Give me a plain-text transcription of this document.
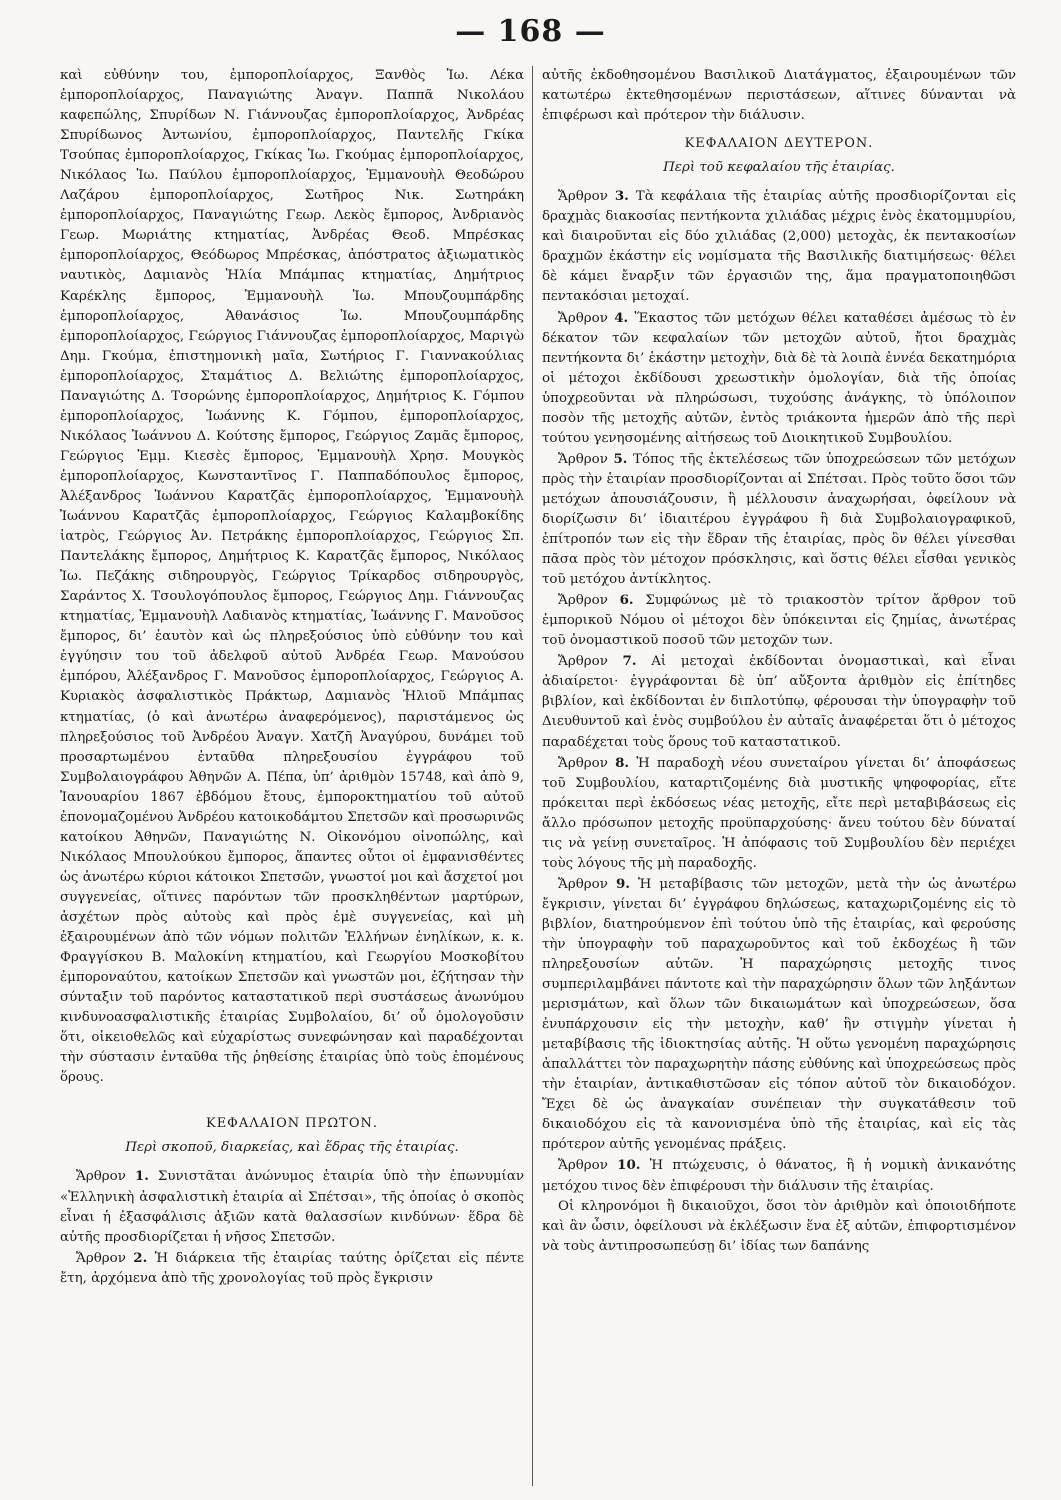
— 168 —

καὶ εὐθύνην του, ἐμποροπλοίαρχος, Ξανθὸς Ἰω. Λέκα ἐμποροπλοίαρχος, Παναγιώτης Ἀναγν. Παππᾶ Νικολάου καφεπώλης, Σπυρίδων Ν. Γιάννουζας ἐμποροπλοίαρχος, Ἀνδρέας Σπυρίδωνος Ἀντωνίου, ἐμποροπλοίαρχος, Παντελῆς Γκίκα Τσούπας ἐμποροπλοίαρχος, Γκίκας Ἰω. Γκούμας ἐμποροπλοίαρχος, Νικόλαος Ἰω. Παύλου ἐμποροπλοίαρχος, Ἐμμανουὴλ Θεοδώρου Λαζάρου ἐμποροπλοίαρχος, Σωτῆρος Νικ. Σωτηράκη ἐμποροπλοίαρχος, Παναγιώτης Γεωρ. Λεκὸς ἔμπορος, Ἀνδριανὸς Γεωρ. Μωριάτης κτηματίας, Ἀνδρέας Θεοδ. Μπρέσκας ἐμποροπλοίαρχος, Θεόδωρος Μπρέσκας, ἀπόστρατος ἀξιωματικὸς ναυτικὸς, Δαμιανὸς Ἠλία Μπάμπας κτηματίας, Δημήτριος Καρέκλης ἔμπορος, Ἐμμανουὴλ Ἰω. Μπουζουμπάρδης ἐμποροπλοίαρχος, Ἀθανάσιος Ἰω. Μπουζουμπάρδης ἐμποροπλοίαρχος, Γεώργιος Γιάννουζας ἐμποροπλοίαρχος, Μαριγὼ Δημ. Γκούμα, ἐπιστημονικὴ μαῖα, Σωτήριος Γ. Γιαννακούλιας ἐμποροπλοίαρχος, Σταμάτιος Δ. Βελιώτης ἐμποροπλοίαρχος, Παναγιώτης Δ. Τσορώνης ἐμποροπλοίαρχος, Δημήτριος Κ. Γόμπου ἐμποροπλοίαρχος, Ἰωάννης Κ. Γόμπου, ἐμποροπλοίαρχος, Νικόλαος Ἰωάννου Δ. Κούτσης ἔμπορος, Γεώργιος Ζαμᾶς ἔμπορος, Γεώργιος Ἐμμ. Κιεσὲς ἔμπορος, Ἐμμανουὴλ Χρησ. Μουγκὸς ἐμποροπλοίαρχος, Κωνσταντῖνος Γ. Παππαδόπουλος ἔμπορος, Ἀλέξανδρος Ἰωάννου Καρατζᾶς ἐμποροπλοίαρχος, Ἐμμανουὴλ Ἰωάννου Καρατζᾶς ἐμποροπλοίαρχος, Γεώργιος Καλαμβοκίδης ἰατρὸς, Γεώργιος Ἀν. Πετράκης ἐμποροπλοίαρχος, Γεώργιος Σπ. Παντελάκης ἔμπορος, Δημήτριος Κ. Καρατζᾶς ἔμπορος, Νικόλαος Ἰω. Πεζάκης σιδηρουργὸς, Γεώργιος Τρίκαρδος σιδηρουργὸς, Σαράντος Χ. Τσουλογόπουλος ἔμπορος, Γεώργιος Δημ. Γιάννουζας κτηματίας, Ἐμμανουὴλ Λαδιανὸς κτηματίας, Ἰωάννης Γ. Μανοῦσος ἔμπορος, δι’ ἑαυτὸν καὶ ὡς πληρεξούσιος ὑπὸ εὐθύνην του καὶ ἐγγύησιν του τοῦ ἀδελφοῦ αὐτοῦ Ἀνδρέα Γεωρ. Μανούσου ἐμπόρου, Ἀλέξανδρος Γ. Μανοῦσος ἐμποροπλοίαρχος, Γεώργιος Α. Κυριακὸς ἀσφαλιστικὸς Πράκτωρ, Δαμιανὸς Ἠλιοῦ Μπάμπας κτηματίας, (ὁ καὶ ἀνωτέρω ἀναφερόμενος), παριστάμενος ὡς πληρεξούσιος τοῦ Ἀνδρέου Ἀναγν. Χατζῆ Ἀναγύρου, δυνάμει τοῦ προσαρτωμένου ἐνταῦθα πληρεξουσίου ἐγγράφου τοῦ Συμβολαιογράφου Ἀθηνῶν Α. Πέπα, ὑπ’ ἀριθμὸν 15748, καὶ ἀπὸ 9, Ἰανουαρίου 1867 ἐβδόμου ἔτους, ἐμποροκτηματίου τοῦ αὐτοῦ ἐπονομαζομένου Ἀνδρέου κατοικοδάμτου Σπετσῶν καὶ προσωρινῶς κατοίκου Ἀθηνῶν, Παναγιώτης Ν. Οἰκονόμου οἰνοπώλης, καὶ Νικόλαος Μπουλούκου ἔμπορος, ἅπαντες οὗτοι οἱ ἐμφανισθέντες ὡς ἀνωτέρω κύριοι κάτοικοι Σπετσῶν, γνωστοί μοι καὶ ἄσχετοί μοι συγγενείας, οἵτινες παρόντων τῶν προσκληθέντων μαρτύρων, ἀσχέτων πρὸς αὐτοὺς καὶ πρὸς ἐμὲ συγγενείας, καὶ μὴ ἐξαιρουμένων ἀπὸ τῶν νόμων πολιτῶν Ἑλλήνων ἐνηλίκων, κ. κ. Φραγγίσκου Β. Μαλοκίνη κτηματίου, καὶ Γεωργίου Μοσκοβίτου ἐμποροναύτου, κατοίκων Σπετσῶν καὶ γνωστῶν μοι, ἐζήτησαν τὴν σύνταξιν τοῦ παρόντος καταστατικοῦ περὶ συστάσεως ἀνωνύμου κινδυνοασφαλιστικῆς ἑταιρίας Συμβολαίου, δι’ οὗ ὁμολογοῦσιν ὅτι, οἰκειοθελῶς καὶ εὐχαρίστως συνεφώνησαν καὶ παραδέχονται τὴν σύστασιν ἐνταῦθα τῆς ῥηθείσης ἑταιρίας ὑπὸ τοὺς ἑπομένους ὅρους.

ΚΕΦΑΛΑΙΟΝ ΠΡΩΤΟΝ.
Περὶ σκοποῦ, διαρκείας, καὶ ἕδρας τῆς ἑταιρίας.

Ἄρθρον 1. Συνιστᾶται ἀνώνυμος ἑταιρία ὑπὸ τὴν ἐπωνυμίαν «Ἑλληνικὴ ἀσφαλιστικὴ ἑταιρία αἱ Σπέτσαι», τῆς ὁποίας ὁ σκοπὸς εἶναι ἡ ἐξασφάλισις ἀξιῶν κατὰ θαλασσίων κινδύνων· ἕδρα δὲ αὐτῆς προσδιορίζεται ἡ νῆσος Σπετσῶν.

Ἄρθρον 2. Ἡ διάρκεια τῆς ἑταιρίας ταύτης ὁρίζεται εἰς πέντε ἔτη, ἀρχόμενα ἀπὸ τῆς χρονολογίας τοῦ πρὸς ἔγκρισιν

αὐτῆς ἐκδοθησομένου Βασιλικοῦ Διατάγματος, ἐξαιρουμένων τῶν κατωτέρω ἐκτεθησομένων περιστάσεων, αἵτινες δύνανται νὰ ἐπιφέρωσι καὶ πρότερον τὴν διάλυσιν.

ΚΕΦΑΛΑΙΟΝ ΔΕΥΤΕΡΟΝ.
Περὶ τοῦ κεφαλαίου τῆς ἑταιρίας.

Ἄρθρον 3. Τὰ κεφάλαια τῆς ἑταιρίας αὐτῆς προσδιορίζονται εἰς δραχμὰς διακοσίας πεντήκοντα χιλιάδας μέχρις ἑνὸς ἑκατομμυρίου, καὶ διαιροῦνται εἰς δύο χιλιάδας (2,000) μετοχὰς, ἐκ πεντακοσίων δραχμῶν ἑκάστην εἰς νομίσματα τῆς Βασιλικῆς διατιμήσεως· θέλει δὲ κάμει ἔναρξιν τῶν ἐργασιῶν της, ἅμα πραγματοποιηθῶσι πεντακόσιαι μετοχαί.

Ἄρθρον 4. Ἕκαστος τῶν μετόχων θέλει καταθέσει ἀμέσως τὸ ἐν δέκατον τῶν κεφαλαίων τῶν μετοχῶν αὐτοῦ, ἤτοι δραχμὰς πεντήκοντα δι’ ἑκάστην μετοχὴν, διὰ δὲ τὰ λοιπὰ ἐννέα δεκατημόρια οἱ μέτοχοι ἐκδίδουσι χρεωστικὴν ὁμολογίαν, διὰ τῆς ὁποίας ὑποχρεοῦνται νὰ πληρώσωσι, τυχούσης ἀνάγκης, τὸ ὑπόλοιπον ποσὸν τῆς μετοχῆς αὐτῶν, ἐντὸς τριάκοντα ἡμερῶν ἀπὸ τῆς περὶ τούτου γενησομένης αἰτήσεως τοῦ Διοικητικοῦ Συμβουλίου.

Ἄρθρον 5. Τόπος τῆς ἐκτελέσεως τῶν ὑποχρεώσεων τῶν μετόχων πρὸς τὴν ἑταιρίαν προσδιορίζονται αἱ Σπέτσαι. Πρὸς τοῦτο ὅσοι τῶν μετόχων ἀπουσιάζουσιν, ἢ μέλλουσιν ἀναχωρήσαι, ὀφείλουν νὰ διορίζωσιν δι’ ἰδιαιτέρου ἐγγράφου ἢ διὰ Συμβολαιογραφικοῦ, ἐπίτροπόν των εἰς τὴν ἕδραν τῆς ἑταιρίας, πρὸς ὃν θέλει γίνεσθαι πᾶσα πρὸς τὸν μέτοχον πρόσκλησις, καὶ ὅστις θέλει εἶσθαι γενικὸς τοῦ μετόχου ἀντίκλητος.

Ἄρθρον 6. Συμφώνως μὲ τὸ τριακοστὸν τρίτον ἄρθρον τοῦ ἐμπορικοῦ Νόμου οἱ μέτοχοι δὲν ὑπόκεινται εἰς ζημίας, ἀνωτέρας τοῦ ὀνομαστικοῦ ποσοῦ τῶν μετοχῶν των.

Ἄρθρον 7. Αἱ μετοχαὶ ἐκδίδονται ὀνομαστικαὶ, καὶ εἶναι ἀδιαίρετοι· ἐγγράφονται δὲ ὑπ’ αὔξοντα ἀριθμὸν εἰς ἐπίτηδες βιβλίον, καὶ ἐκδίδονται ἐν διπλοτύπῳ, φέρουσαι τὴν ὑπογραφὴν τοῦ Διευθυντοῦ καὶ ἑνὸς συμβούλου ἐν αὐταῖς ἀναφέρεται ὅτι ὁ μέτοχος παραδέχεται τοὺς ὅρους τοῦ καταστατικοῦ.

Ἄρθρον 8. Ἡ παραδοχὴ νέου συνεταίρου γίνεται δι’ ἀποφάσεως τοῦ Συμβουλίου, καταρτιζομένης διὰ μυστικῆς ψηφοφορίας, εἴτε πρόκειται περὶ ἐκδόσεως νέας μετοχῆς, εἴτε περὶ μεταβιβάσεως εἰς ἄλλο πρόσωπον μετοχῆς προϋπαρχούσης· ἄνευ τούτου δὲν δύναταί τις νὰ γείνῃ συνεταῖρος. Ἡ ἀπόφασις τοῦ Συμβουλίου δὲν περιέχει τοὺς λόγους τῆς μὴ παραδοχῆς.

Ἄρθρον 9. Ἡ μεταβίβασις τῶν μετοχῶν, μετὰ τὴν ὡς ἀνωτέρω ἔγκρισιν, γίνεται δι’ ἐγγράφου δηλώσεως, καταχωριζομένης εἰς τὸ βιβλίον, διατηρούμενον ἐπὶ τούτου ὑπὸ τῆς ἑταιρίας, καὶ φερούσης τὴν ὑπογραφὴν τοῦ παραχωροῦντος καὶ τοῦ ἐκδοχέως ἢ τῶν πληρεξουσίων αὐτῶν. Ἡ παραχώρησις μετοχῆς τινος συμπεριλαμβάνει πάντοτε καὶ τὴν παραχώρησιν ὅλων τῶν ληξάντων μερισμάτων, καὶ ὅλων τῶν δικαιωμάτων καὶ ὑποχρεώσεων, ὅσα ἐνυπάρχουσιν εἰς τὴν μετοχὴν, καθ’ ἣν στιγμὴν γίνεται ἡ μεταβίβασις τῆς ἰδιοκτησίας αὐτῆς. Ἡ οὕτω γενομένη παραχώρησις ἀπαλλάττει τὸν παραχωρητὴν πάσης εὐθύνης καὶ ὑποχρεώσεως πρὸς τὴν ἑταιρίαν, ἀντικαθιστῶσαν εἰς τόπον αὐτοῦ τὸν δικαιοδόχον. Ἔχει δὲ ὡς ἀναγκαίαν συνέπειαν τὴν συγκατάθεσιν τοῦ δικαιοδόχου εἰς τὰ κανονισμένα ὑπὸ τῆς ἑταιρίας, καὶ εἰς τὰς πρότερον αὐτῆς γενομένας πράξεις.

Ἄρθρον 10. Ἡ πτώχευσις, ὁ θάνατος, ἢ ἡ νομικὴ ἀνικανότης μετόχου τινος δὲν ἐπιφέρουσι τὴν διάλυσιν τῆς ἑταιρίας.

Οἱ κληρονόμοι ἢ δικαιοῦχοι, ὅσοι τὸν ἀριθμὸν καὶ ὁποιοιδήποτε καὶ ἂν ὦσιν, ὀφείλουσι νὰ ἐκλέξωσιν ἕνα ἐξ αὐτῶν, ἐπιφορτισμένον νὰ τοὺς ἀντιπροσωπεύσῃ δι’ ἰδίας των δαπάνης
